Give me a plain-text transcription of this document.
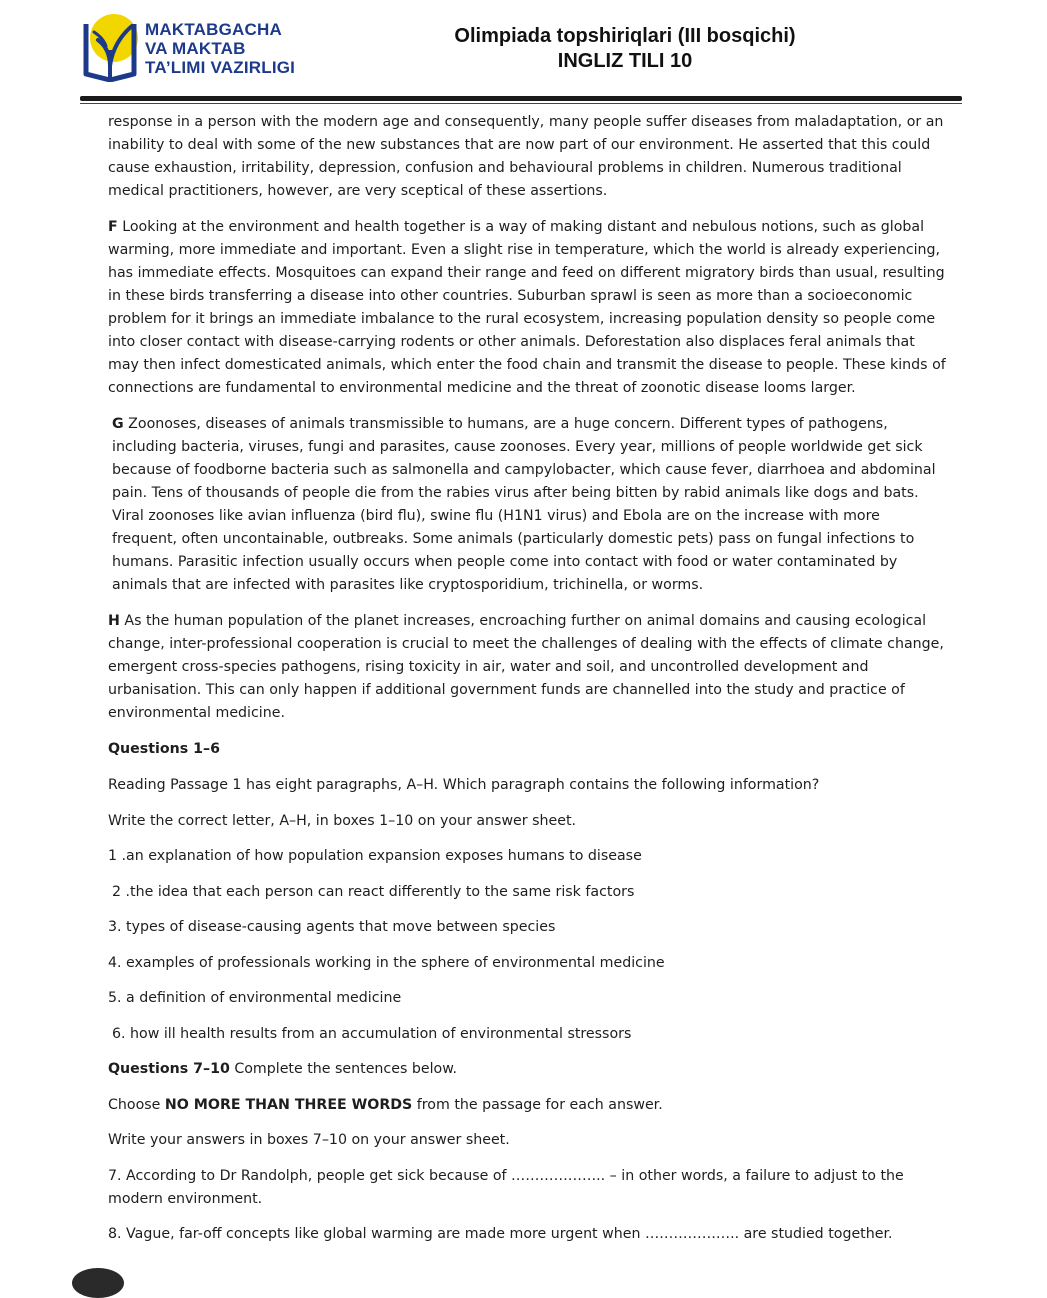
MAKTABGACHA
VA MAKTAB
TA’LIMI VAZIRLIGI
Olimpiada topshiriqlari (III bosqichi)
INGLIZ TILI 10

response in a person with the modern age and consequently, many people suffer diseases from maladaptation, or an inability to deal with some of the new substances that are now part of our environment. He asserted that this could cause exhaustion, irritability, depression, confusion and behavioural problems in children. Numerous traditional medical practitioners, however, are very sceptical of these assertions.

F Looking at the environment and health together is a way of making distant and nebulous notions, such as global warming, more immediate and important. Even a slight rise in temperature, which the world is already experiencing, has immediate effects. Mosquitoes can expand their range and feed on different migratory birds than usual, resulting in these birds transferring a disease into other countries. Suburban sprawl is seen as more than a socioeconomic problem for it brings an immediate imbalance to the rural ecosystem, increasing population density so people come into closer contact with disease-carrying rodents or other animals. Deforestation also displaces feral animals that may then infect domesticated animals, which enter the food chain and transmit the disease to people. These kinds of connections are fundamental to environmental medicine and the threat of zoonotic disease looms larger.

G Zoonoses, diseases of animals transmissible to humans, are a huge concern. Different types of pathogens, including bacteria, viruses, fungi and parasites, cause zoonoses. Every year, millions of people worldwide get sick because of foodborne bacteria such as salmonella and campylobacter, which cause fever, diarrhoea and abdominal pain. Tens of thousands of people die from the rabies virus after being bitten by rabid animals like dogs and bats. Viral zoonoses like avian influenza (bird flu), swine flu (H1N1 virus) and Ebola are on the increase with more frequent, often uncontainable, outbreaks. Some animals (particularly domestic pets) pass on fungal infections to humans. Parasitic infection usually occurs when people come into contact with food or water contaminated by animals that are infected with parasites like cryptosporidium, trichinella, or worms.

H As the human population of the planet increases, encroaching further on animal domains and causing ecological change, inter-professional cooperation is crucial to meet the challenges of dealing with the effects of climate change, emergent cross-species pathogens, rising toxicity in air, water and soil, and uncontrolled development and urbanisation. This can only happen if additional government funds are channelled into the study and practice of environmental medicine.

Questions 1–6

Reading Passage 1 has eight paragraphs, A–H. Which paragraph contains the following information?

Write the correct letter, A–H, in boxes 1–10 on your answer sheet.

1 .an explanation of how population expansion exposes humans to disease

2 .the idea that each person can react differently to the same risk factors

3. types of disease-causing agents that move between species

4. examples of professionals working in the sphere of environmental medicine

5. a definition of environmental medicine

6. how ill health results from an accumulation of environmental stressors

Questions 7–10 Complete the sentences below.

Choose NO MORE THAN THREE WORDS from the passage for each answer.

Write your answers in boxes 7–10 on your answer sheet.

7. According to Dr Randolph, people get sick because of ……………….. – in other words, a failure to adjust to the modern environment.

8. Vague, far-off concepts like global warming are made more urgent when ……………….. are studied together.
